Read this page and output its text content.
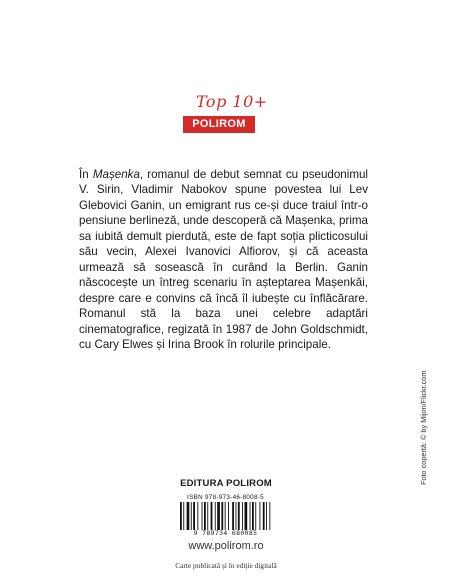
Top 10+
POLIROM

În Mașenka, romanul de debut semnat cu pseudonimul V. Sirin, Vladimir Nabokov spune povestea lui Lev Glebovici Ganin, un emigrant rus ce-și duce traiul într-o pensiune berlineză, unde descoperă că Mașenka, prima sa iubită demult pierdută, este de fapt soția plicticosului său vecin, Alexei Ivanovici Alfiorov, și că aceasta urmează să sosească în curând la Berlin. Ganin născocește un întreg scenariu în așteptarea Mașenkăi, despre care e convins că încă îl iubește cu înflăcărare. Romanul stă la baza unei celebre adaptări cinematografice, regizată în 1987 de John Goldschmidt, cu Cary Elwes și Irina Brook în rolurile principale.

Foto copertă: © by Mijori/Flickr.com
EDITURA POLIROM
ISBN 978-973-46-8008-5
9 789734 680085
www.polirom.ro
Carte publicată și în ediție digitală
